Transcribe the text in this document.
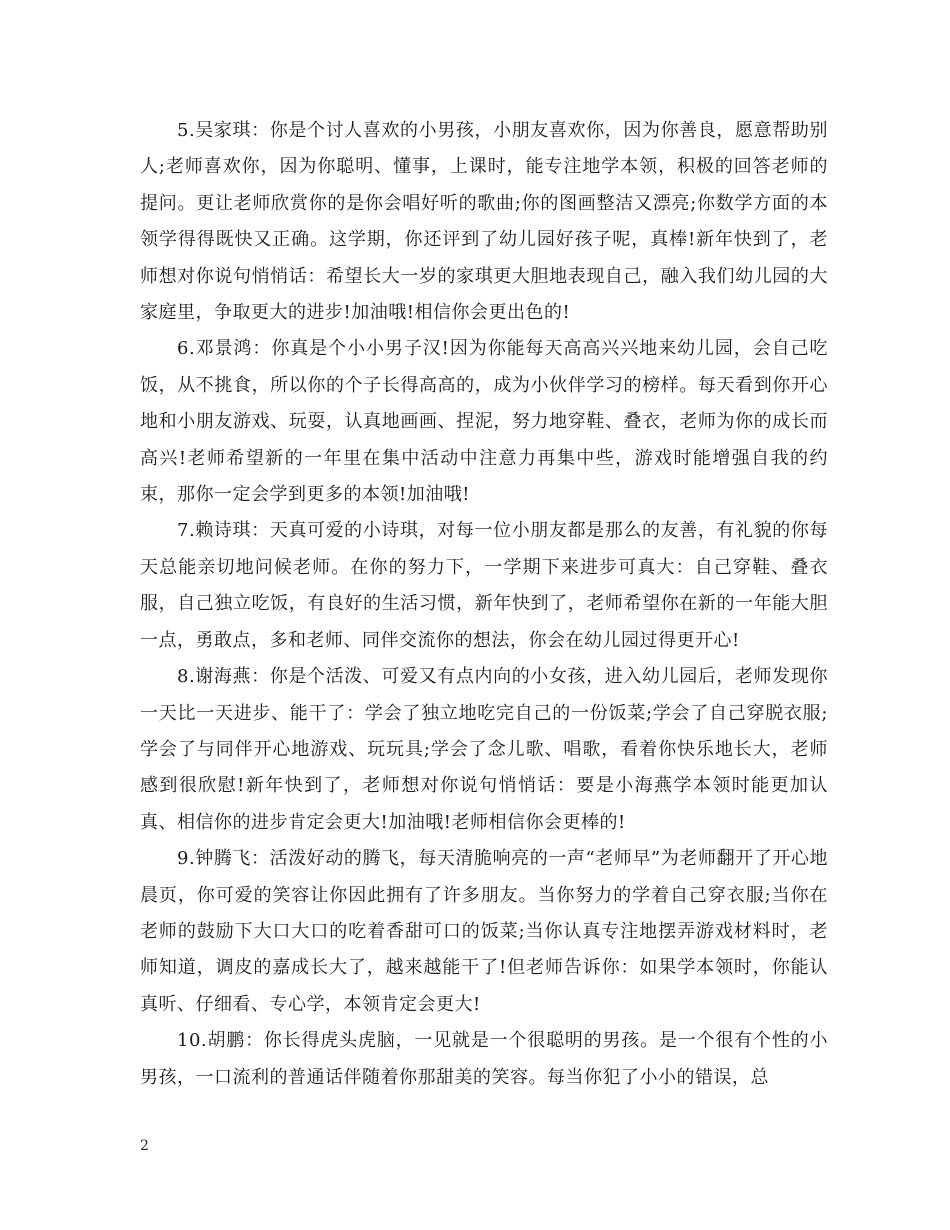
5.吴家琪：你是个讨人喜欢的小男孩，小朋友喜欢你，因为你善良，愿意帮助别人;老师喜欢你，因为你聪明、懂事，上课时，能专注地学本领，积极的回答老师的提问。更让老师欣赏你的是你会唱好听的歌曲;你的图画整洁又漂亮;你数学方面的本领学得得既快又正确。这学期，你还评到了幼儿园好孩子呢，真棒!新年快到了，老师想对你说句悄悄话：希望长大一岁的家琪更大胆地表现自己，融入我们幼儿园的大家庭里，争取更大的进步!加油哦!相信你会更出色的!

6.邓景鸿：你真是个小小男子汉!因为你能每天高高兴兴地来幼儿园，会自己吃饭，从不挑食，所以你的个子长得高高的，成为小伙伴学习的榜样。每天看到你开心地和小朋友游戏、玩耍，认真地画画、捏泥，努力地穿鞋、叠衣，老师为你的成长而高兴!老师希望新的一年里在集中活动中注意力再集中些，游戏时能增强自我的约束，那你一定会学到更多的本领!加油哦!

7.赖诗琪：天真可爱的小诗琪，对每一位小朋友都是那么的友善，有礼貌的你每天总能亲切地问候老师。在你的努力下，一学期下来进步可真大：自己穿鞋、叠衣服，自己独立吃饭，有良好的生活习惯，新年快到了，老师希望你在新的一年能大胆一点，勇敢点，多和老师、同伴交流你的想法，你会在幼儿园过得更开心!

8.谢海燕：你是个活泼、可爱又有点内向的小女孩，进入幼儿园后，老师发现你一天比一天进步、能干了：学会了独立地吃完自己的一份饭菜;学会了自己穿脱衣服;学会了与同伴开心地游戏、玩玩具;学会了念儿歌、唱歌，看着你快乐地长大，老师感到很欣慰!新年快到了，老师想对你说句悄悄话：要是小海燕学本领时能更加认真、相信你的进步肯定会更大!加油哦!老师相信你会更棒的!

9.钟腾飞：活泼好动的腾飞，每天清脆响亮的一声“老师早”为老师翻开了开心地晨页，你可爱的笑容让你因此拥有了许多朋友。当你努力的学着自己穿衣服;当你在老师的鼓励下大口大口的吃着香甜可口的饭菜;当你认真专注地摆弄游戏材料时，老师知道，调皮的嘉成长大了，越来越能干了!但老师告诉你：如果学本领时，你能认真听、仔细看、专心学，本领肯定会更大!

10.胡鹏：你长得虎头虎脑，一见就是一个很聪明的男孩。是一个很有个性的小男孩，一口流利的普通话伴随着你那甜美的笑容。每当你犯了小小的错误，总

2
